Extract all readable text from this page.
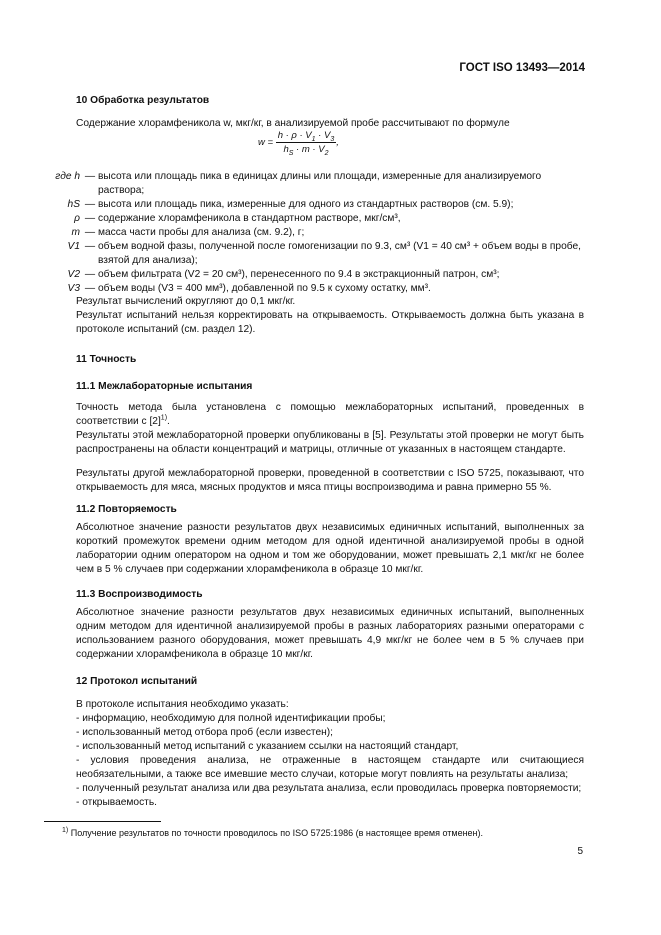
ГОСТ ISO 13493—2014
10 Обработка результатов

Содержание хлорамфеникола w, мкг/кг, в анализируемой пробе рассчитывают по формуле

$w = \frac{h \cdot \rho \cdot V_1 \cdot V_3}{h_S \cdot m \cdot V_2}$ ,
где h — высота или площадь пика в единицах длины или площади, измеренные для анализируемого раствора;
hS — высота или площадь пика, измеренные для одного из стандартных растворов (см. 5.9);
ρ — содержание хлорамфеникола в стандартном растворе, мкг/см³,
m — масса части пробы для анализа (см. 9.2), г;
V1 — объем водной фазы, полученной после гомогенизации по 9.3, см³ (V1 = 40 см³ + объем воды в пробе, взятой для анализа);
V2 — объем фильтрата (V2 = 20 см³), перенесенного по 9.4 в экстракционный патрон, см³;
V3 — объем воды (V3 = 400 мм³), добавленной по 9.5 к сухому остатку, мм³.

Результат вычислений округляют до 0,1 мкг/кг.

Результат испытаний нельзя корректировать на открываемость. Открываемость должна быть указана в протоколе испытаний (см. раздел 12).

11 Точность
11.1 Межлабораторные испытания

Точность метода была установлена с помощью межлабораторных испытаний, проведенных в соответствии с $[2]^{1)}$.

Результаты этой межлабораторной проверки опубликованы в [5]. Результаты этой проверки не могут быть распространены на области концентраций и матрицы, отличные от указанных в настоящем стандарте.

Результаты другой межлабораторной проверки, проведенной в соответствии с ISO 5725, показывают, что открываемость для мяса, мясных продуктов и мяса птицы воспроизводима и равна примерно 55 %.

11.2 Повторяемость

Абсолютное значение разности результатов двух независимых единичных испытаний, выполненных за короткий промежуток времени одним методом для одной идентичной анализируемой пробы в одной лаборатории одним оператором на одном и том же оборудовании, может превышать 2,1 мкг/кг не более чем в 5 % случаев при содержании хлорамфеникола в образце 10 мкг/кг.

11.3 Воспроизводимость

Абсолютное значение разности результатов двух независимых единичных испытаний, выполненных одним методом для идентичной анализируемой пробы в разных лабораториях разными операторами с использованием разного оборудования, может превышать 4,9 мкг/кг не более чем в 5 % случаев при содержании хлорамфеникола в образце 10 мкг/кг.

12 Протокол испытаний

В протоколе испытания необходимо указать:

- информацию, необходимую для полной идентификации пробы;

- использованный метод отбора проб (если известен);

- использованный метод испытаний с указанием ссылки на настоящий стандарт,

- условия проведения анализа, не отраженные в настоящем стандарте или считающиеся необязательными, а также все имевшие место случаи, которые могут повлиять на результаты анализа;

- полученный результат анализа или два результата анализа, если проводилась проверка повторяемости;

- открываемость.

$^{1)}$ Получение результатов по точности проводилось по ISO 5725:1986 (в настоящее время отменен).
5
